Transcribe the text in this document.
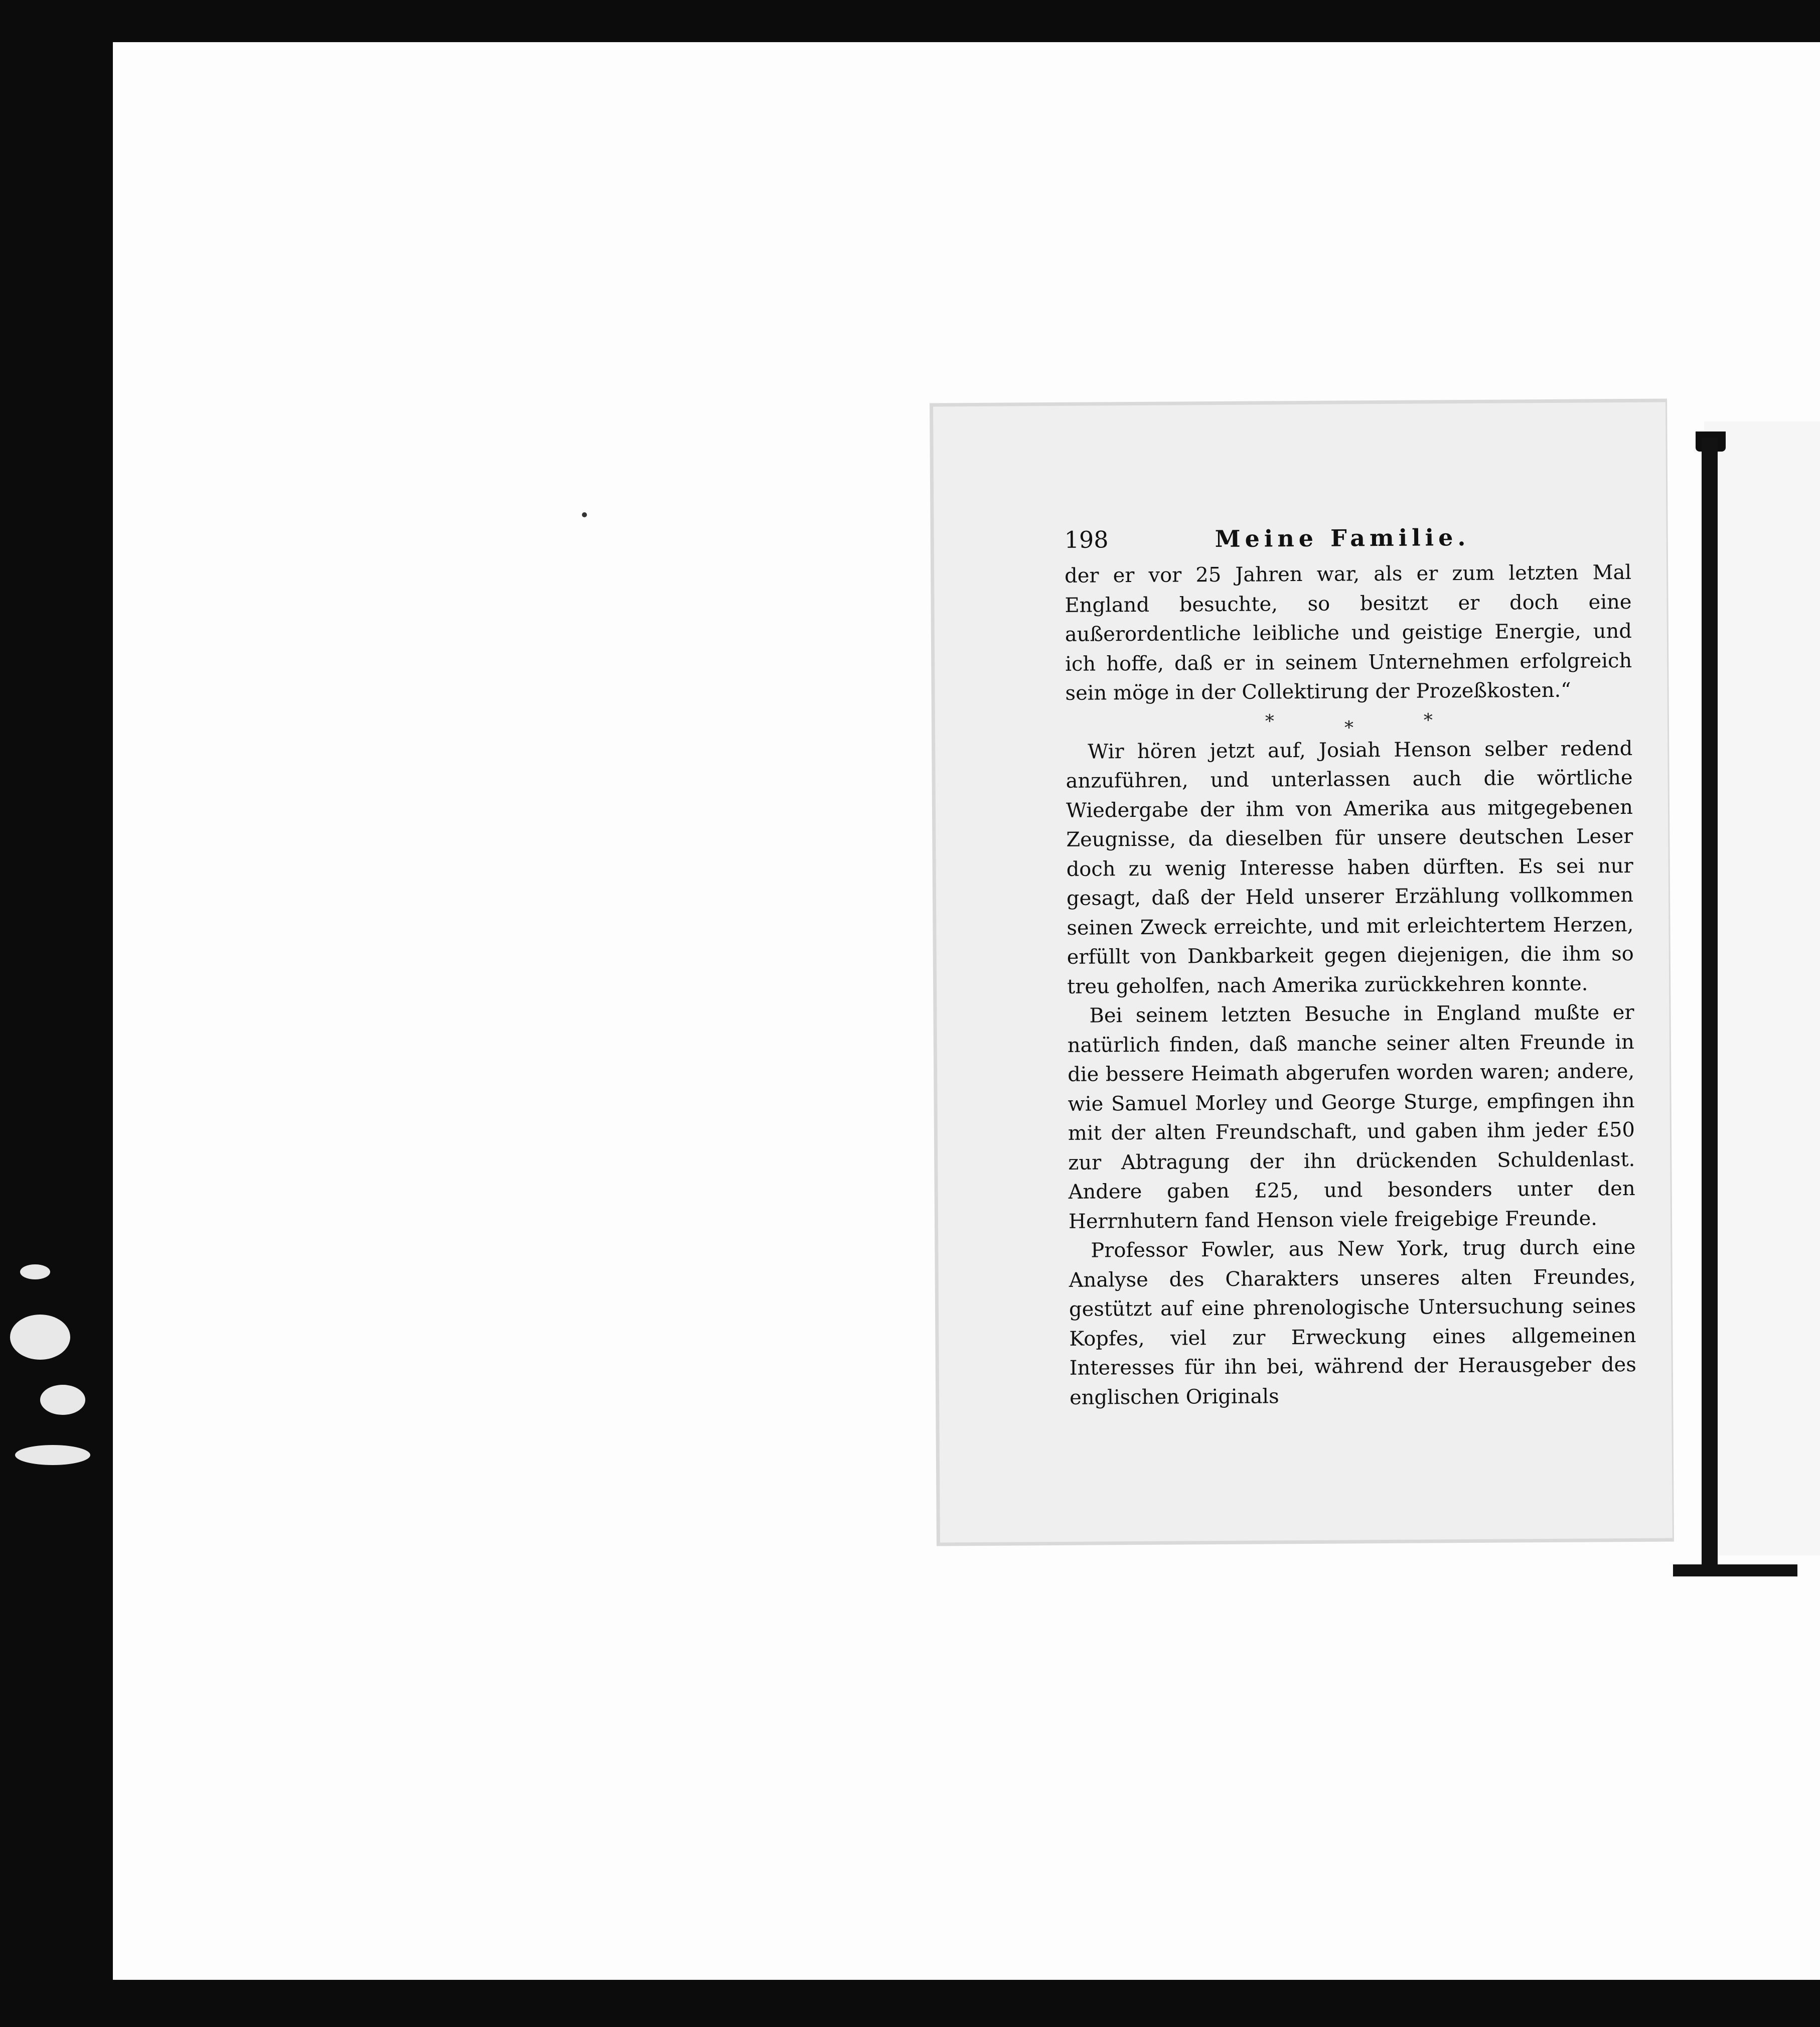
198	Meine Familie.

der er vor 25 Jahren war, als er zum letzten Mal England besuchte, so besitzt er doch eine außerordentliche leibliche und geistige Energie, und ich hoffe, daß er in seinem Unternehmen erfolgreich sein möge in der Collektirung der Prozeßkosten.“

*	*	*

Wir hören jetzt auf, Josiah Henson selber redend anzuführen, und unterlassen auch die wörtliche Wiedergabe der ihm von Amerika aus mitgegebenen Zeugnisse, da dieselben für unsere deutschen Leser doch zu wenig Interesse haben dürften. Es sei nur gesagt, daß der Held unserer Erzählung vollkommen seinen Zweck erreichte, und mit erleichtertem Herzen, erfüllt von Dankbarkeit gegen diejenigen, die ihm so treu geholfen, nach Amerika zurückkehren konnte.

Bei seinem letzten Besuche in England mußte er natürlich finden, daß manche seiner alten Freunde in die bessere Heimath abgerufen worden waren; andere, wie Samuel Morley und George Sturge, empfingen ihn mit der alten Freundschaft, und gaben ihm jeder £50 zur Abtragung der ihn drückenden Schuldenlast. Andere gaben £25, und besonders unter den Herrnhutern fand Henson viele freigebige Freunde.

Professor Fowler, aus New York, trug durch eine Analyse des Charakters unseres alten Freundes, gestützt auf eine phrenologische Untersuchung seines Kopfes, viel zur Erweckung eines allgemeinen Interesses für ihn bei, während der Herausgeber des englischen Originals
